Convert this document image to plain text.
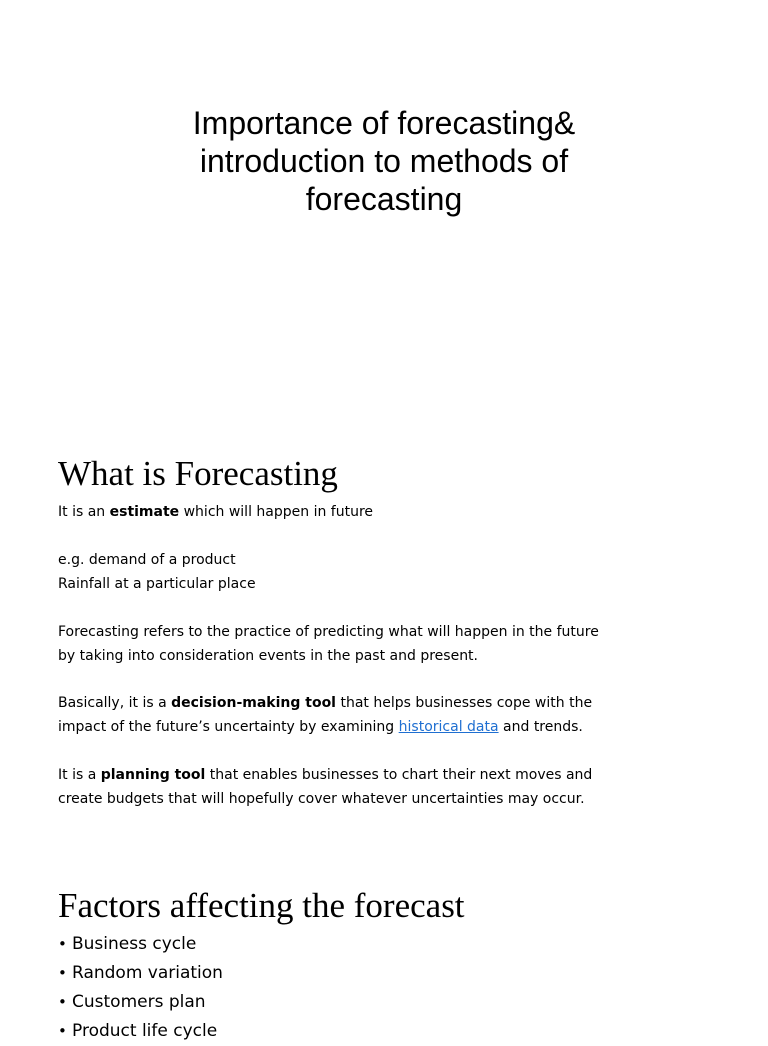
Importance of forecasting&
introduction to methods of
forecasting
What is Forecasting

It is an estimate which will happen in future

e.g. demand of a product

Rainfall at a particular place

Forecasting refers to the practice of predicting what will happen in the future

by taking into consideration events in the past and present.

Basically, it is a decision-making tool that helps businesses cope with the

impact of the future’s uncertainty by examining historical data and trends.

It is a planning tool that enables businesses to chart their next moves and

create budgets that will hopefully cover whatever uncertainties may occur.

Factors affecting the forecast
• Business cycle
• Random variation
• Customers plan
• Product life cycle
